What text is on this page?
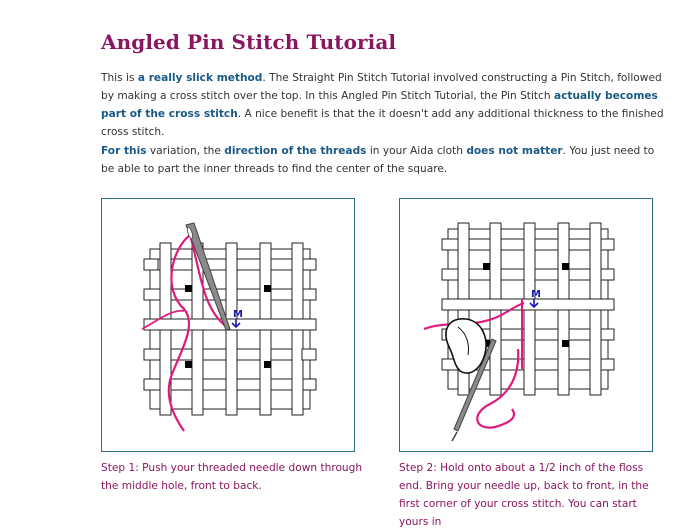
Angled Pin Stitch Tutorial

This is a really slick method. The Straight Pin Stitch Tutorial involved constructing a Pin Stitch, followed by making a cross stitch over the top. In this Angled Pin Stitch Tutorial, the Pin Stitch actually becomes part of the cross stitch. A nice benefit is that the it doesn't add any additional thickness to the finished cross stitch.

For this variation, the direction of the threads in your Aida cloth does not matter. You just need to be able to part the inner threads to find the center of the square.

M
M

Step 1: Push your threaded needle down through the middle hole, front to back.

Step 2: Hold onto about a 1/2 inch of the floss end. Bring your needle up, back to front, in the first corner of your cross stitch. You can start yours in
